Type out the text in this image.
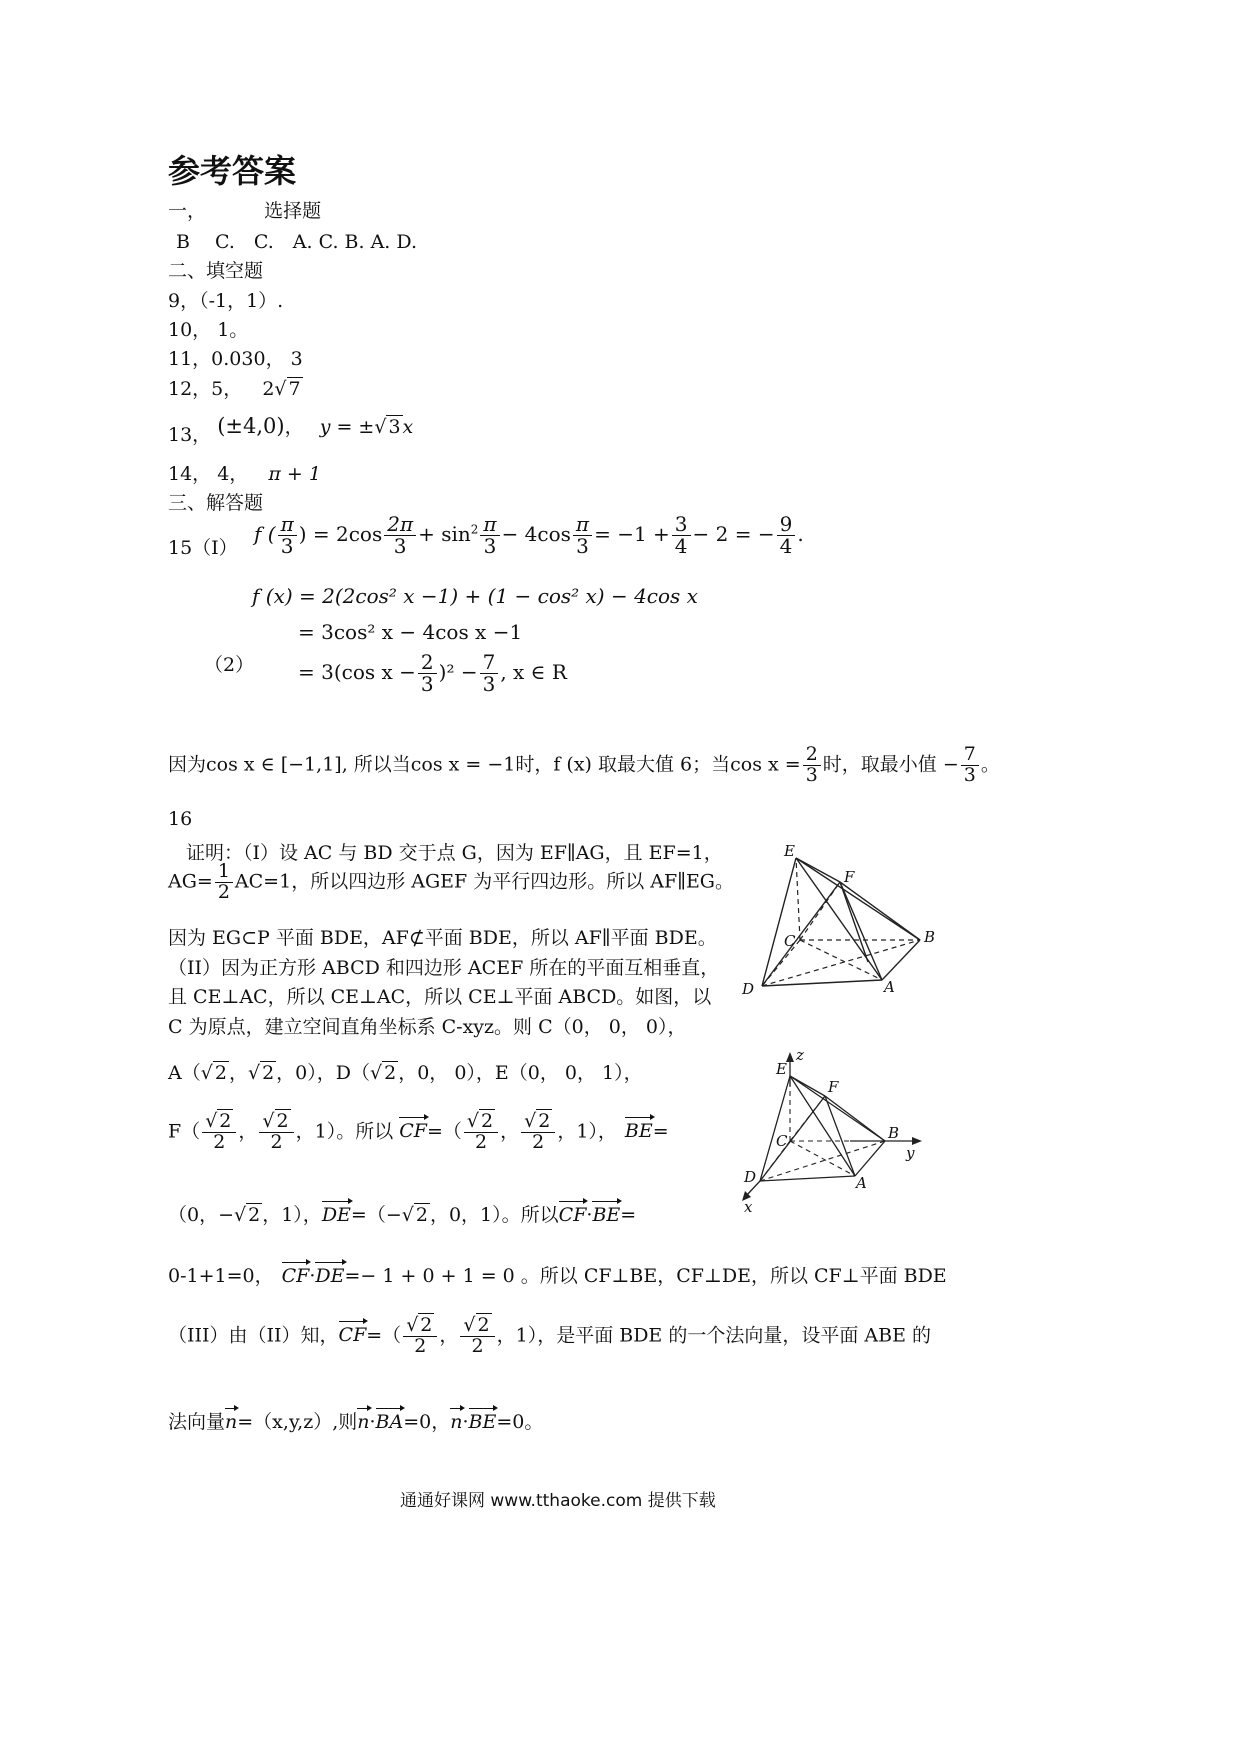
参考答案
一，	选择题
B　 C.　C.　A. C. B. A. D.
二、填空题
9，（-1，1）.
10， 1。
11，0.030， 3
12，5， 2√ 7
13， (±4,0)， y = ±√ 3 x
14， 4， π + 1
三、解答题
15（I）
f ( $\frac{\pi}{3}$ ) = $2\cos \frac{2\pi}{3} + \sin^2 \frac{\pi}{3} - 4\cos \frac{\pi}{3} = -1 + \frac{3}{4} - 2$ = − $\frac{9}{4}$ .
f (x) = 2(2cos² x −1) + (1 − cos² x) − 4cos x
= 3cos² x − 4cos x −1
（2） = 3(cos $x - \frac{2}{3} )^2 - \frac{7}{3}$ , x ∈ R
因为cos x ∈ [−1,1], 所以当cos x = −1时，f (x) 取最大值 6；当$\cos x = \frac{2}{3}$ 时，取最小值 − $\frac{7}{3}$ 。
16
证明：（I）设 AC 与 BD 交于点 G，因为 EF∥AG，且 EF=1，
$AG= \frac{1}{2} AC=1$，所以四边形 AGEF 为平行四边形。所以 AF∥EG。
因为 EG⊂P 平面 BDE，AF⊄平面 BDE，所以 AF∥平面 BDE。
（II）因为正方形 ABCD 和四边形 ACEF 所在的平面互相垂直，
且 CE⊥AC，所以 CE⊥AC，所以 CE⊥平面 ABCD。如图，以
C 为原点，建立空间直角坐标系 C-xyz。则 C（0， 0， 0），
A（√ 2 ，√ 2 ，0），D（√ 2 ，0， 0），E（0， 0， 1），
$F( \frac{√ 2}{2}$ ， $\frac{√ 2}{2}$ ，1）。所以 $CF=( \frac{√ 2}{2}$ ， $\frac{√ 2}{2}$ ，1）， BE=
（0，−√ 2 ，1），DE=（−√ 2 ，0，1）。所以CF·BE=
0-1+1=0， CF·DE=− 1 + 0 + 1 = 0 。所以 CF⊥BE，CF⊥DE，所以 CF⊥平面 BDE
（III）由（II）知，$CF=( \frac{√ 2}{2}$ ， $\frac{√ 2}{2}$ ，1），是平面 BDE 的一个法向量，设平面 ABE 的
法向量n=（x,y,z）,则n·BA=0，n·BE=0。
E
F
C	B
D	A
z
E
F
C	B
y
D	A
x
通通好课网 www.tthaoke.com 提供下载
